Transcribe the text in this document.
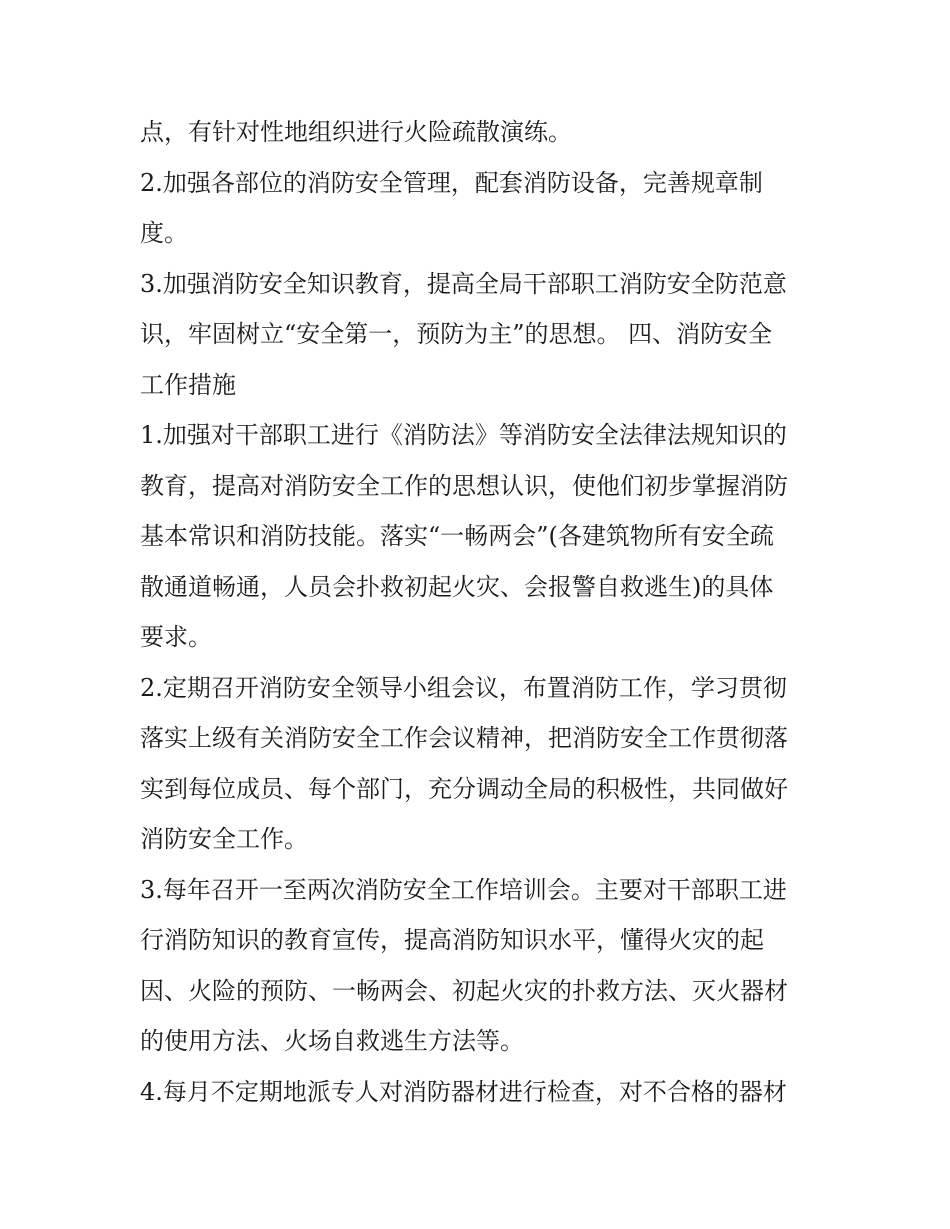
点，有针对性地组织进行火险疏散演练。
2.加强各部位的消防安全管理，配套消防设备，完善规章制
度。
3.加强消防安全知识教育，提高全局干部职工消防安全防范意
识，牢固树立“安全第一，预防为主”的思想。 四、消防安全
工作措施
1.加强对干部职工进行《消防法》等消防安全法律法规知识的
教育，提高对消防安全工作的思想认识，使他们初步掌握消防
基本常识和消防技能。落实“一畅两会”(各建筑物所有安全疏
散通道畅通，人员会扑救初起火灾、会报警自救逃生)的具体
要求。
2.定期召开消防安全领导小组会议，布置消防工作，学习贯彻
落实上级有关消防安全工作会议精神，把消防安全工作贯彻落
实到每位成员、每个部门，充分调动全局的积极性，共同做好
消防安全工作。
3.每年召开一至两次消防安全工作培训会。主要对干部职工进
行消防知识的教育宣传，提高消防知识水平，懂得火灾的起
因、火险的预防、一畅两会、初起火灾的扑救方法、灭火器材
的使用方法、火场自救逃生方法等。
4.每月不定期地派专人对消防器材进行检查，对不合格的器材
